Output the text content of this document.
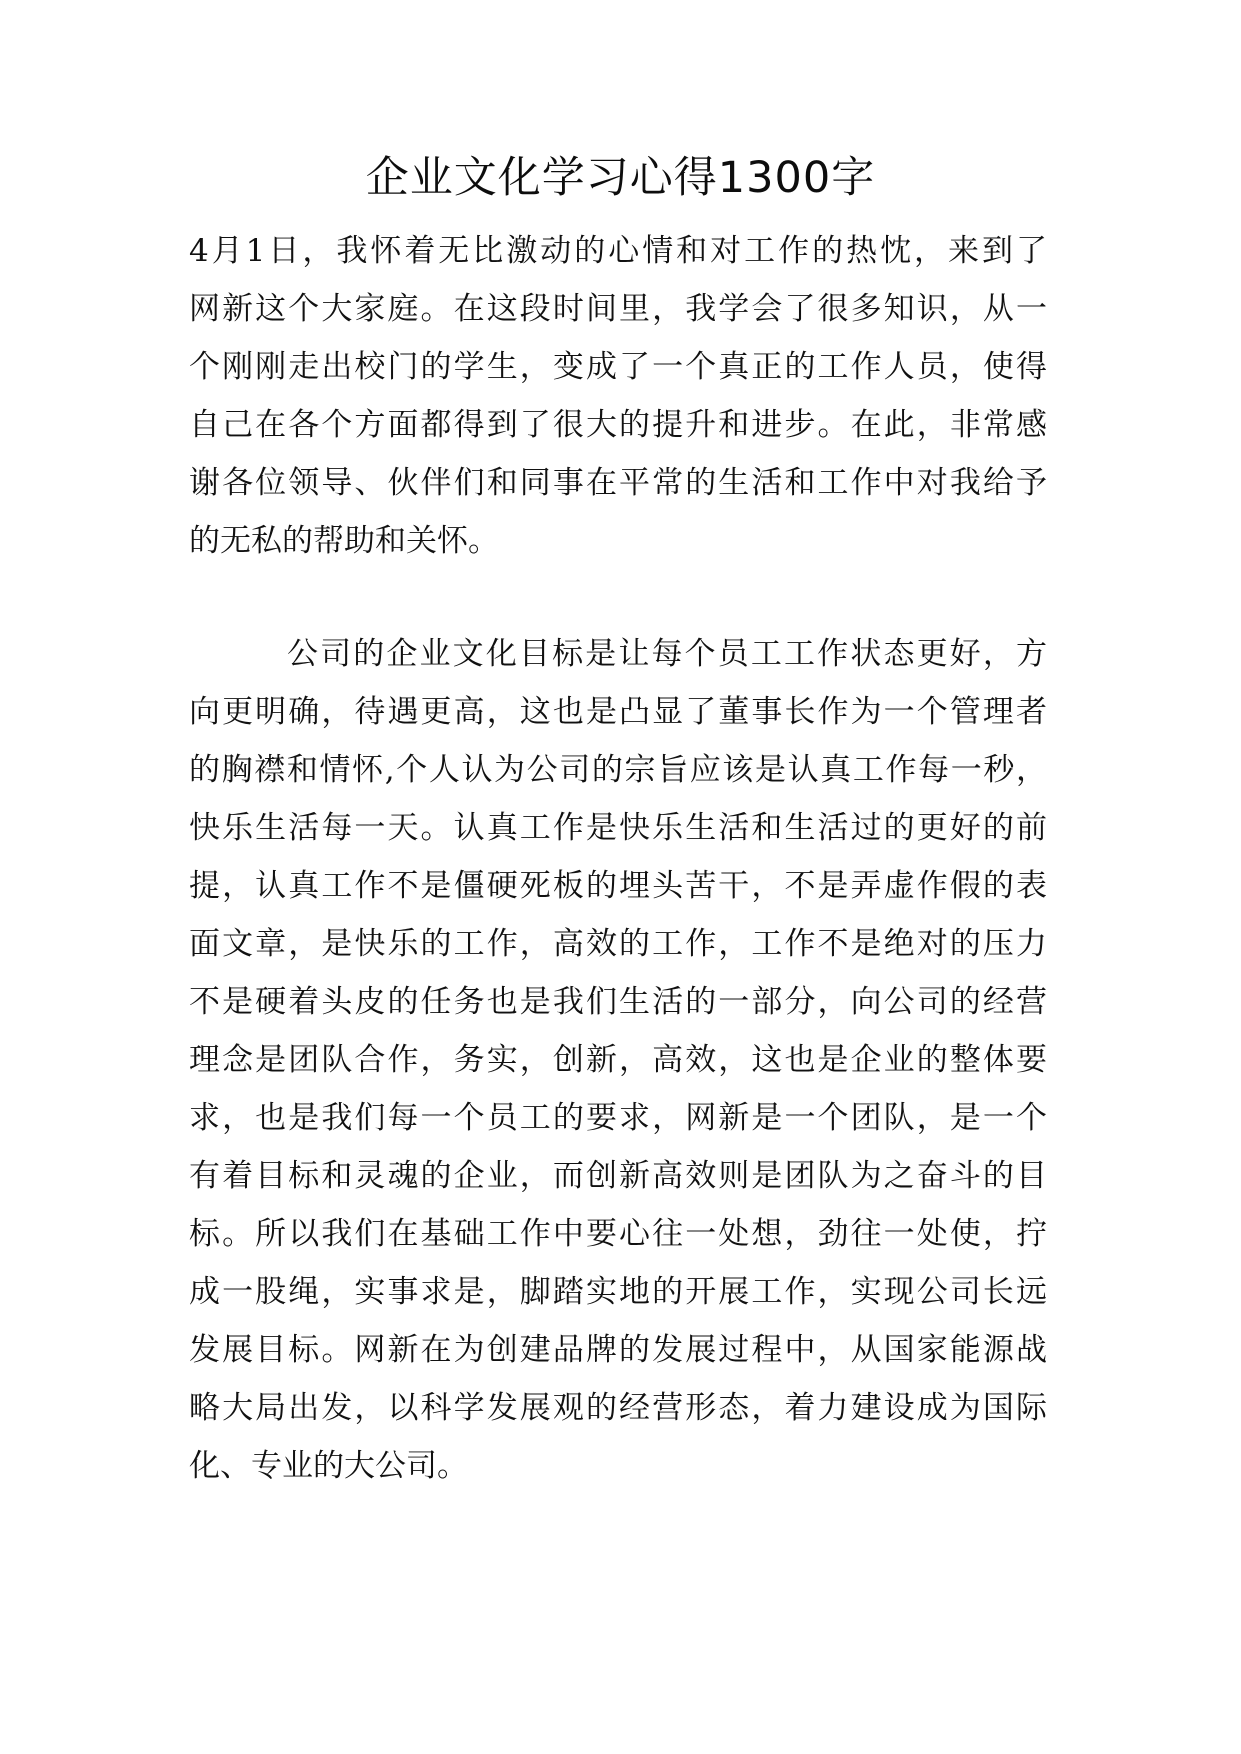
企业文化学习心得1300字
4月1日，我怀着无比激动的心情和对工作的热忱，来到了
网新这个大家庭。在这段时间里，我学会了很多知识，从一
个刚刚走出校门的学生，变成了一个真正的工作人员，使得
自己在各个方面都得到了很大的提升和进步。在此，非常感
谢各位领导、伙伴们和同事在平常的生活和工作中对我给予
的无私的帮助和关怀。
公司的企业文化目标是让每个员工工作状态更好，方
向更明确，待遇更高，这也是凸显了董事长作为一个管理者
的胸襟和情怀,个人认为公司的宗旨应该是认真工作每一秒，
快乐生活每一天。认真工作是快乐生活和生活过的更好的前
提，认真工作不是僵硬死板的埋头苦干，不是弄虚作假的表
面文章，是快乐的工作，高效的工作，工作不是绝对的压力
不是硬着头皮的任务也是我们生活的一部分，向公司的经营
理念是团队合作，务实，创新，高效，这也是企业的整体要
求，也是我们每一个员工的要求，网新是一个团队，是一个
有着目标和灵魂的企业，而创新高效则是团队为之奋斗的目
标。所以我们在基础工作中要心往一处想，劲往一处使，拧
成一股绳，实事求是，脚踏实地的开展工作，实现公司长远
发展目标。网新在为创建品牌的发展过程中，从国家能源战
略大局出发，以科学发展观的经营形态，着力建设成为国际
化、专业的大公司。
